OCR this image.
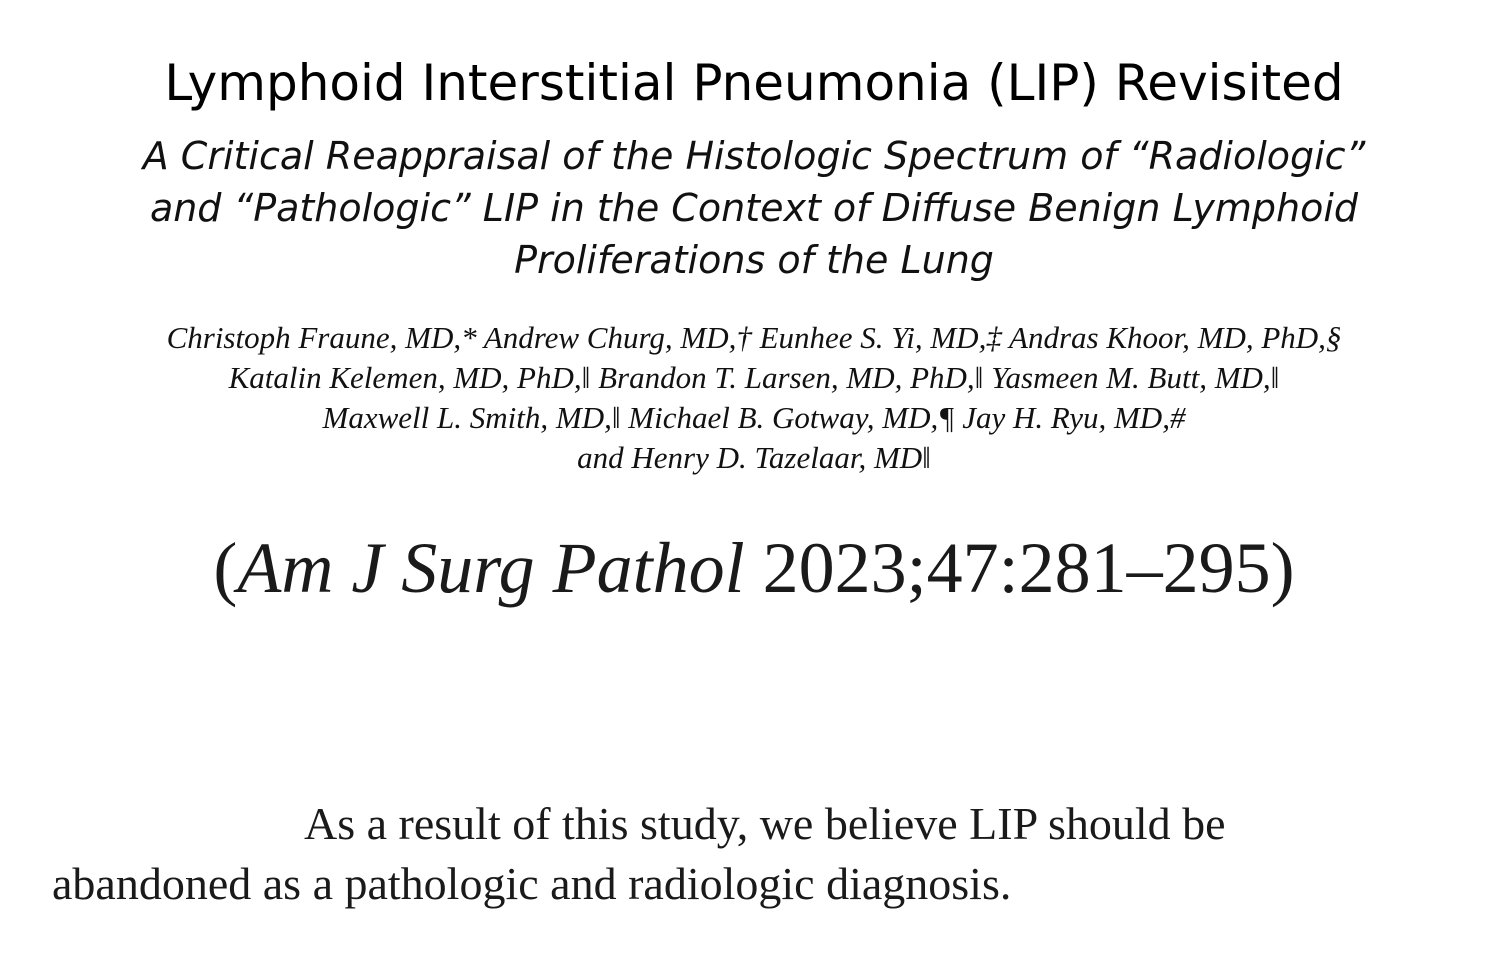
Lymphoid Interstitial Pneumonia (LIP) Revisited
A Critical Reappraisal of the Histologic Spectrum of “Radiologic”
and “Pathologic” LIP in the Context of Diffuse Benign Lymphoid
Proliferations of the Lung
Christoph Fraune, MD,* Andrew Churg, MD,† Eunhee S. Yi, MD,‡ Andras Khoor, MD, PhD,§
Katalin Kelemen, MD, PhD,‖ Brandon T. Larsen, MD, PhD,‖ Yasmeen M. Butt, MD,‖
Maxwell L. Smith, MD,‖ Michael B. Gotway, MD,¶ Jay H. Ryu, MD,#
and Henry D. Tazelaar, MD‖
(Am J Surg Pathol 2023;47:281–295)
As a result of this study, we believe LIP should be
abandoned as a pathologic and radiologic diagnosis.
